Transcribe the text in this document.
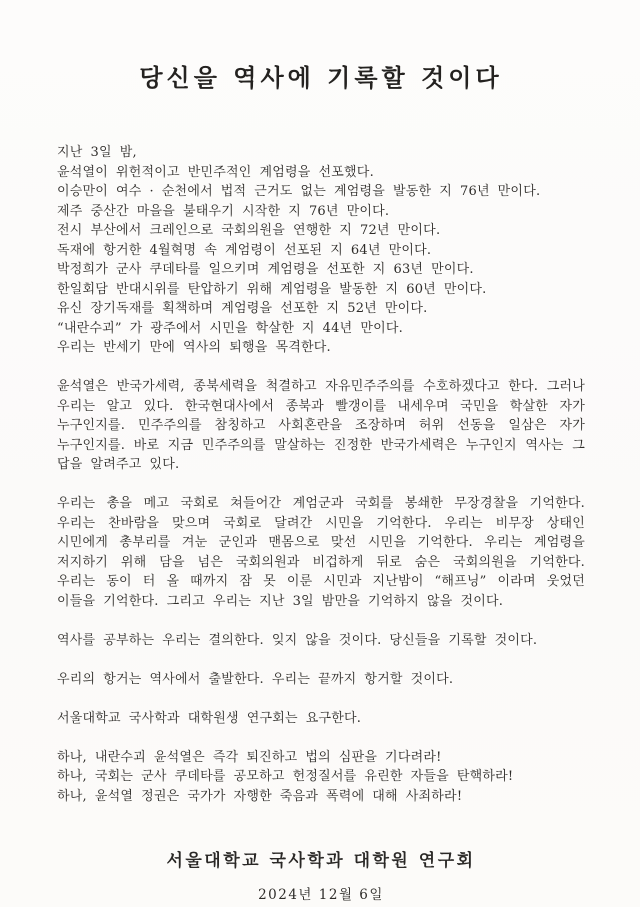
당신을 역사에 기록할 것이다
지난 3일 밤,
윤석열이 위헌적이고 반민주적인 계엄령을 선포했다.
이승만이 여수 · 순천에서 법적 근거도 없는 계엄령을 발동한 지 76년 만이다.
제주 중산간 마을을 불태우기 시작한 지 76년 만이다.
전시 부산에서 크레인으로 국회의원을 연행한 지 72년 만이다.
독재에 항거한 4월혁명 속 계엄령이 선포된 지 64년 만이다.
박정희가 군사 쿠데타를 일으키며 계엄령을 선포한 지 63년 만이다.
한일회담 반대시위를 탄압하기 위해 계엄령을 발동한 지 60년 만이다.
유신 장기독재를 획책하며 계엄령을 선포한 지 52년 만이다.
“내란수괴” 가 광주에서 시민을 학살한 지 44년 만이다.
우리는 반세기 만에 역사의 퇴행을 목격한다.
윤석열은 반국가세력, 종북세력을 척결하고 자유민주주의를 수호하겠다고 한다. 그러나 우리는 알고 있다. 한국현대사에서 종북과 빨갱이를 내세우며 국민을 학살한 자가 누구인지를. 민주주의를 참칭하고 사회혼란을 조장하며 허위 선동을 일삼은 자가 누구인지를. 바로 지금 민주주의를 말살하는 진정한 반국가세력은 누구인지 역사는 그 답을 알려주고 있다.
우리는 총을 메고 국회로 쳐들어간 계엄군과 국회를 봉쇄한 무장경찰을 기억한다. 우리는 찬바람을 맞으며 국회로 달려간 시민을 기억한다. 우리는 비무장 상태인 시민에게 총부리를 겨눈 군인과 맨몸으로 맞선 시민을 기억한다. 우리는 계엄령을 저지하기 위해 담을 넘은 국회의원과 비겁하게 뒤로 숨은 국회의원을 기억한다. 우리는 동이 터 올 때까지 잠 못 이룬 시민과 지난밤이 “해프닝” 이라며 웃었던 이들을 기억한다. 그리고 우리는 지난 3일 밤만을 기억하지 않을 것이다.
역사를 공부하는 우리는 결의한다. 잊지 않을 것이다. 당신들을 기록할 것이다.
우리의 항거는 역사에서 출발한다. 우리는 끝까지 항거할 것이다.
서울대학교 국사학과 대학원생 연구회는 요구한다.
하나, 내란수괴 윤석열은 즉각 퇴진하고 법의 심판을 기다려라!
하나, 국회는 군사 쿠데타를 공모하고 헌정질서를 유린한 자들을 탄핵하라!
하나, 윤석열 정권은 국가가 자행한 죽음과 폭력에 대해 사죄하라!
서울대학교 국사학과 대학원 연구회
2024년 12월 6일
